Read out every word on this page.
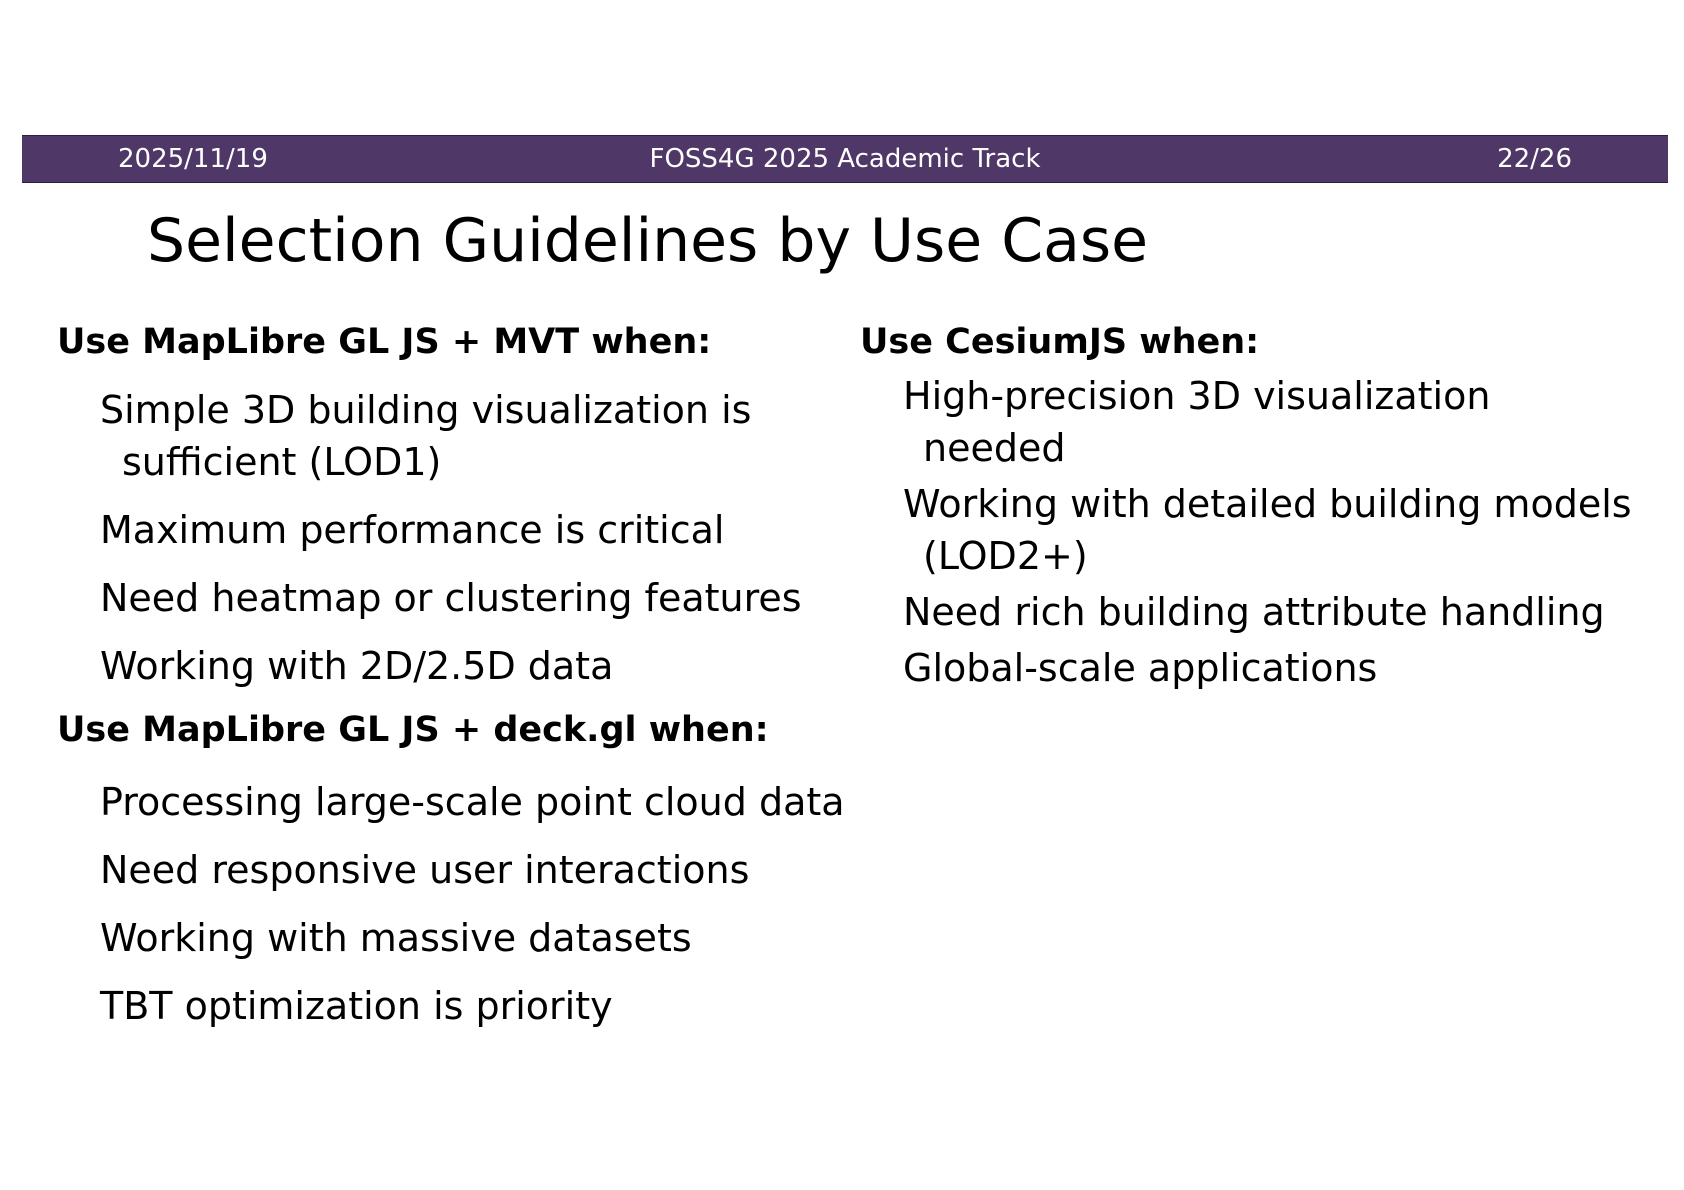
2025/11/19	FOSS4G 2025 Academic Track	22/26
Selection Guidelines by Use Case

Use MapLibre GL JS + MVT when:

Simple 3D building visualization is sufficient (LOD1)
Maximum performance is critical
Need heatmap or clustering features
Working with 2D/2.5D data

Use MapLibre GL JS + deck.gl when:

Processing large-scale point cloud data
Need responsive user interactions
Working with massive datasets
TBT optimization is priority

Use CesiumJS when:

High-precision 3D visualization needed
Working with detailed building models (LOD2+)
Need rich building attribute handling
Global-scale applications
